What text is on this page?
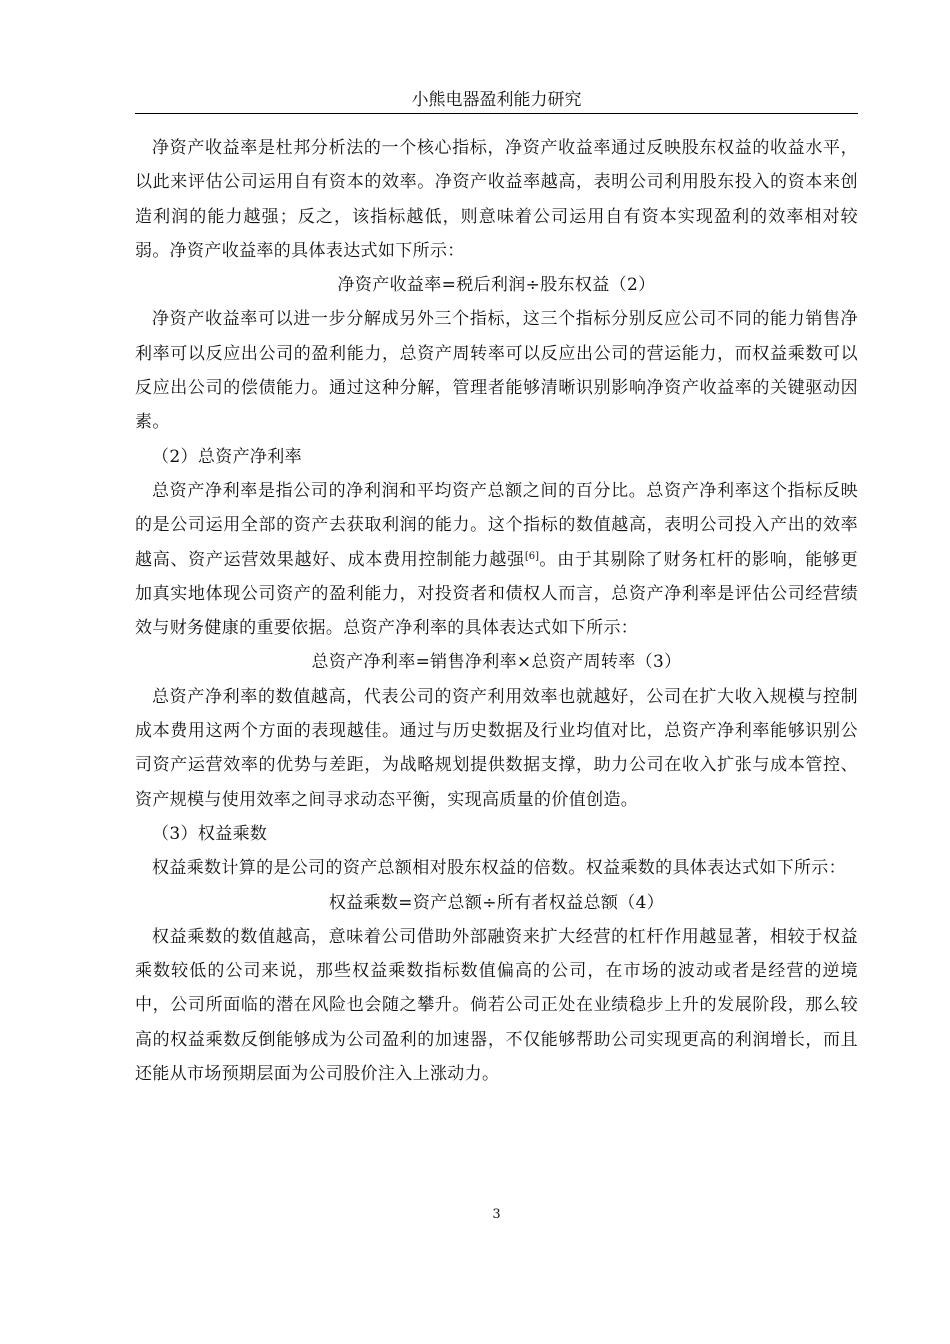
小熊电器盈利能力研究

净资产收益率是杜邦分析法的一个核心指标，净资产收益率通过反映股东权益的收益水平，以此来评估公司运用自有资本的效率。净资产收益率越高，表明公司利用股东投入的资本来创造利润的能力越强；反之，该指标越低，则意味着公司运用自有资本实现盈利的效率相对较弱。净资产收益率的具体表达式如下所示：

净资产收益率=税后利润÷股东权益（2）

净资产收益率可以进一步分解成另外三个指标，这三个指标分别反应公司不同的能力销售净利率可以反应出公司的盈利能力，总资产周转率可以反应出公司的营运能力，而权益乘数可以反应出公司的偿债能力。通过这种分解，管理者能够清晰识别影响净资产收益率的关键驱动因素。

（2）总资产净利率

总资产净利率是指公司的净利润和平均资产总额之间的百分比。总资产净利率这个指标反映的是公司运用全部的资产去获取利润的能力。这个指标的数值越高，表明公司投入产出的效率越高、资产运营效果越好、成本费用控制能力越强[6]。由于其剔除了财务杠杆的影响，能够更加真实地体现公司资产的盈利能力，对投资者和债权人而言，总资产净利率是评估公司经营绩效与财务健康的重要依据。总资产净利率的具体表达式如下所示：

总资产净利率=销售净利率×总资产周转率（3）

总资产净利率的数值越高，代表公司的资产利用效率也就越好，公司在扩大收入规模与控制成本费用这两个方面的表现越佳。通过与历史数据及行业均值对比，总资产净利率能够识别公司资产运营效率的优势与差距，为战略规划提供数据支撑，助力公司在收入扩张与成本管控、资产规模与使用效率之间寻求动态平衡，实现高质量的价值创造。

（3）权益乘数

权益乘数计算的是公司的资产总额相对股东权益的倍数。权益乘数的具体表达式如下所示：

权益乘数=资产总额÷所有者权益总额（4）

权益乘数的数值越高，意味着公司借助外部融资来扩大经营的杠杆作用越显著，相较于权益乘数较低的公司来说，那些权益乘数指标数值偏高的公司，在市场的波动或者是经营的逆境中，公司所面临的潜在风险也会随之攀升。倘若公司正处在业绩稳步上升的发展阶段，那么较高的权益乘数反倒能够成为公司盈利的加速器，不仅能够帮助公司实现更高的利润增长，而且还能从市场预期层面为公司股价注入上涨动力。

3
